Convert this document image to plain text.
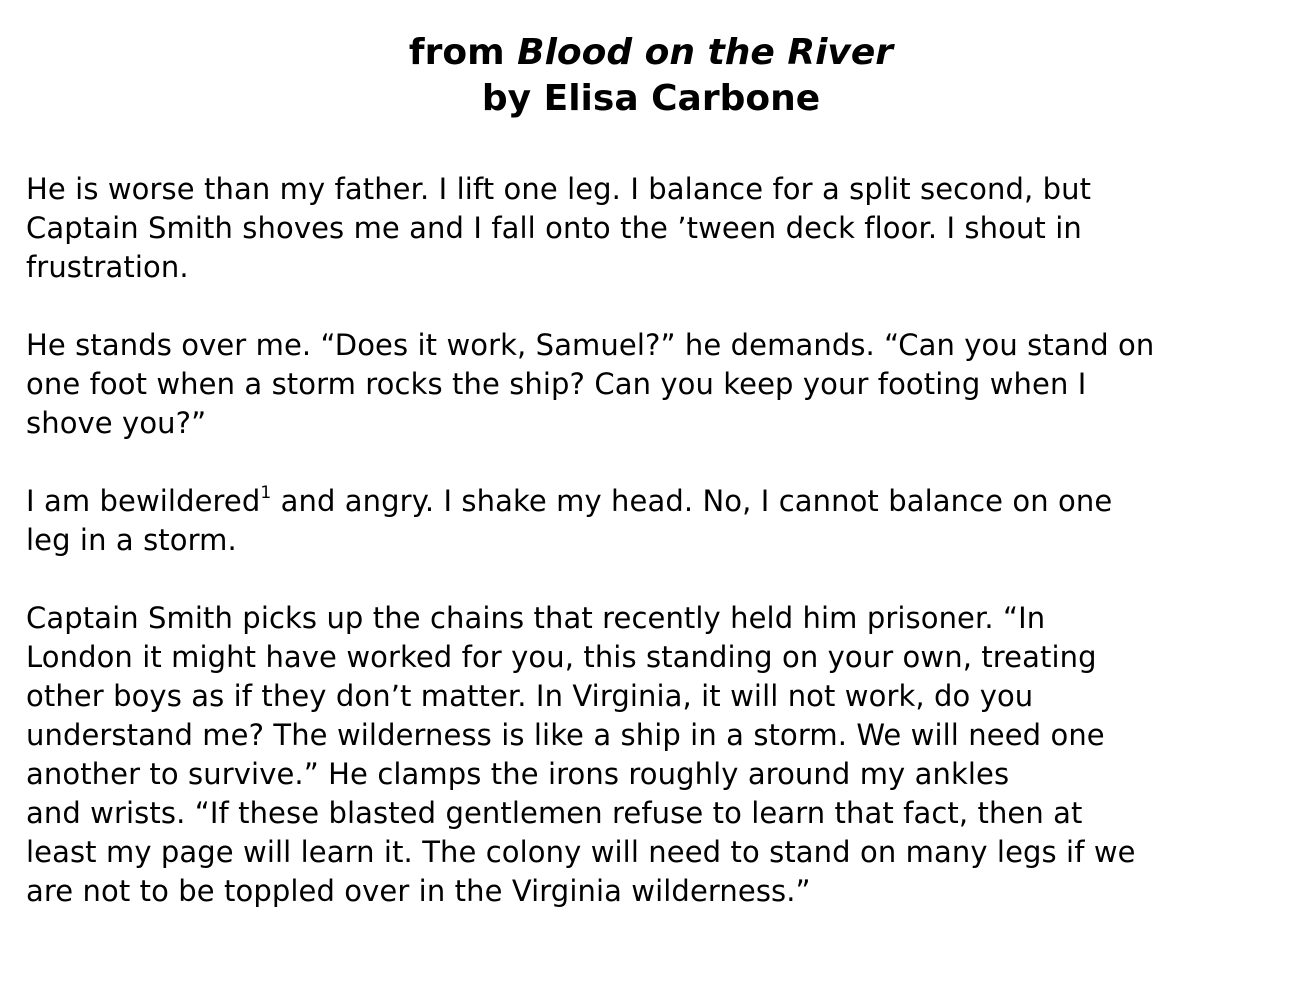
from Blood on the River
by Elisa Carbone
He is worse than my father. I lift one leg. I balance for a split second, but
Captain Smith shoves me and I fall onto the ’tween deck floor. I shout in
frustration.
He stands over me. “Does it work, Samuel?” he demands. “Can you stand on
one foot when a storm rocks the ship? Can you keep your footing when I
shove you?”
I am bewildered$^1$ and angry. I shake my head. No, I cannot balance on one
leg in a storm.
Captain Smith picks up the chains that recently held him prisoner. “In
London it might have worked for you, this standing on your own, treating
other boys as if they don’t matter. In Virginia, it will not work, do you
understand me? The wilderness is like a ship in a storm. We will need one
another to survive.” He clamps the irons roughly around my ankles
and wrists. “If these blasted gentlemen refuse to learn that fact, then at
least my page will learn it. The colony will need to stand on many legs if we
are not to be toppled over in the Virginia wilderness.”
